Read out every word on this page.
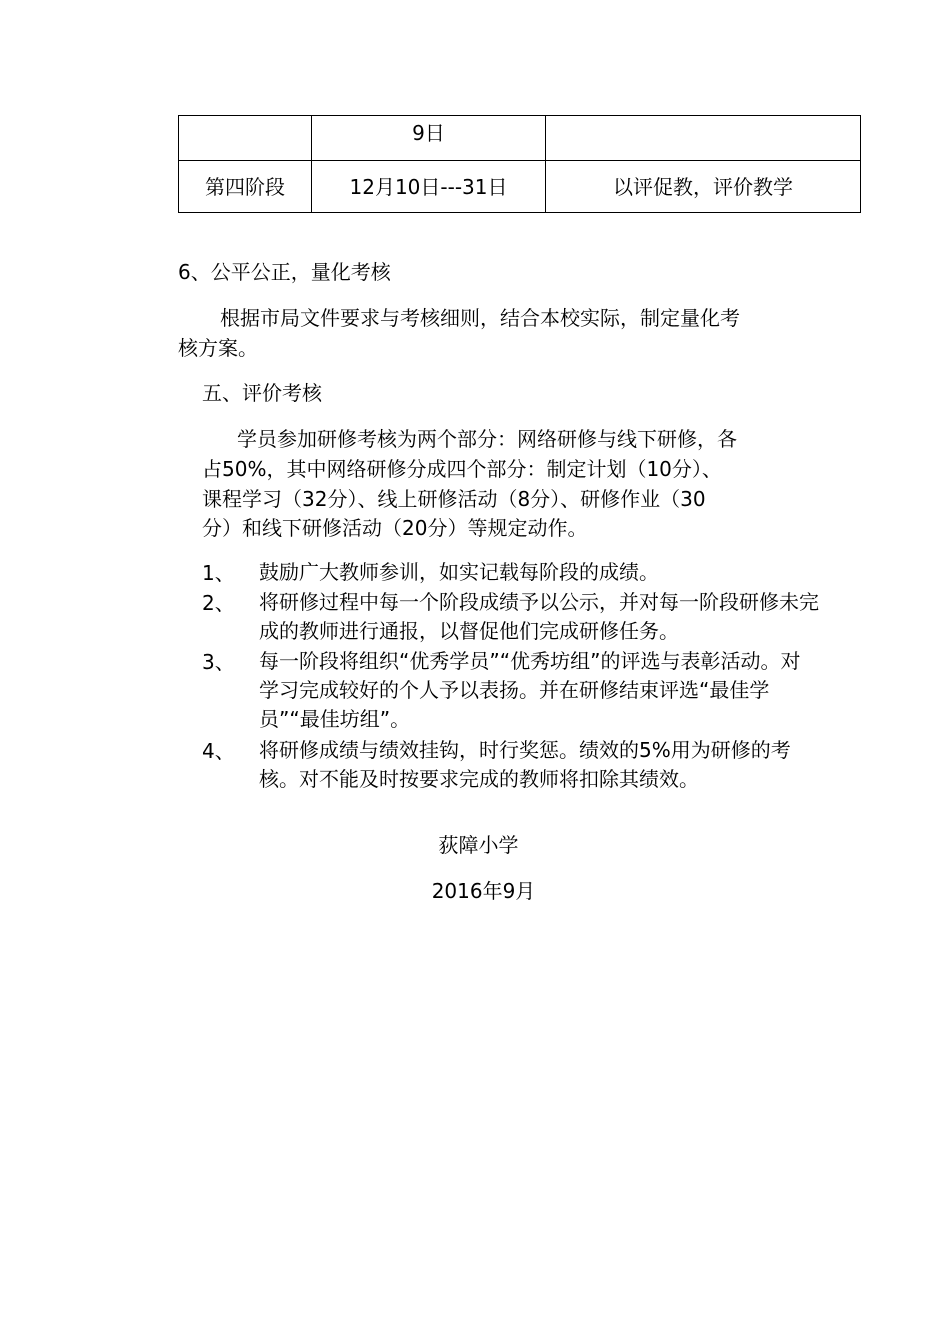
	9日	

第四阶段	12月10日---31日	以评促教，评价教学
6、公平公正，量化考核
根据市局文件要求与考核细则，结合本校实际，制定量化考
核方案。
五、评价考核
学员参加研修考核为两个部分：网络研修与线下研修，各
占50%，其中网络研修分成四个部分：制定计划（10分）、
课程学习（32分）、线上研修活动（8分）、研修作业（30
分）和线下研修活动（20分）等规定动作。
1、	鼓励广大教师参训，如实记载每阶段的成绩。
2、	将研修过程中每一个阶段成绩予以公示，并对每一阶段研修未完成的教师进行通报，以督促他们完成研修任务。
3、	每一阶段将组织“优秀学员”“优秀坊组”的评选与表彰活动。对学习完成较好的个人予以表扬。并在研修结束评选“最佳学员”“最佳坊组”。
4、	将研修成绩与绩效挂钩，时行奖惩。绩效的5%用为研修的考核。对不能及时按要求完成的教师将扣除其绩效。
荻障小学
2016年9月
